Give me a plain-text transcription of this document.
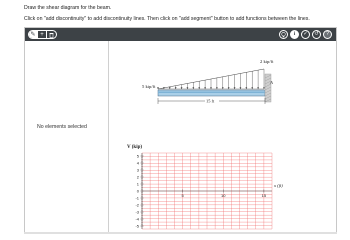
Draw the shear diagram for the beam.
Click on "add discontinuity" to add discontinuity lines. Then click on "add segment" button to add functions between the lines.
✎ +	i	✓	↺	?
No elements selected
2 kip/ft
5 kip/ft
A
15 ft
V (kip)
5
4
3
2
1
0
-1
-2
-3
-4
-5
5	10	15
x (ft)
